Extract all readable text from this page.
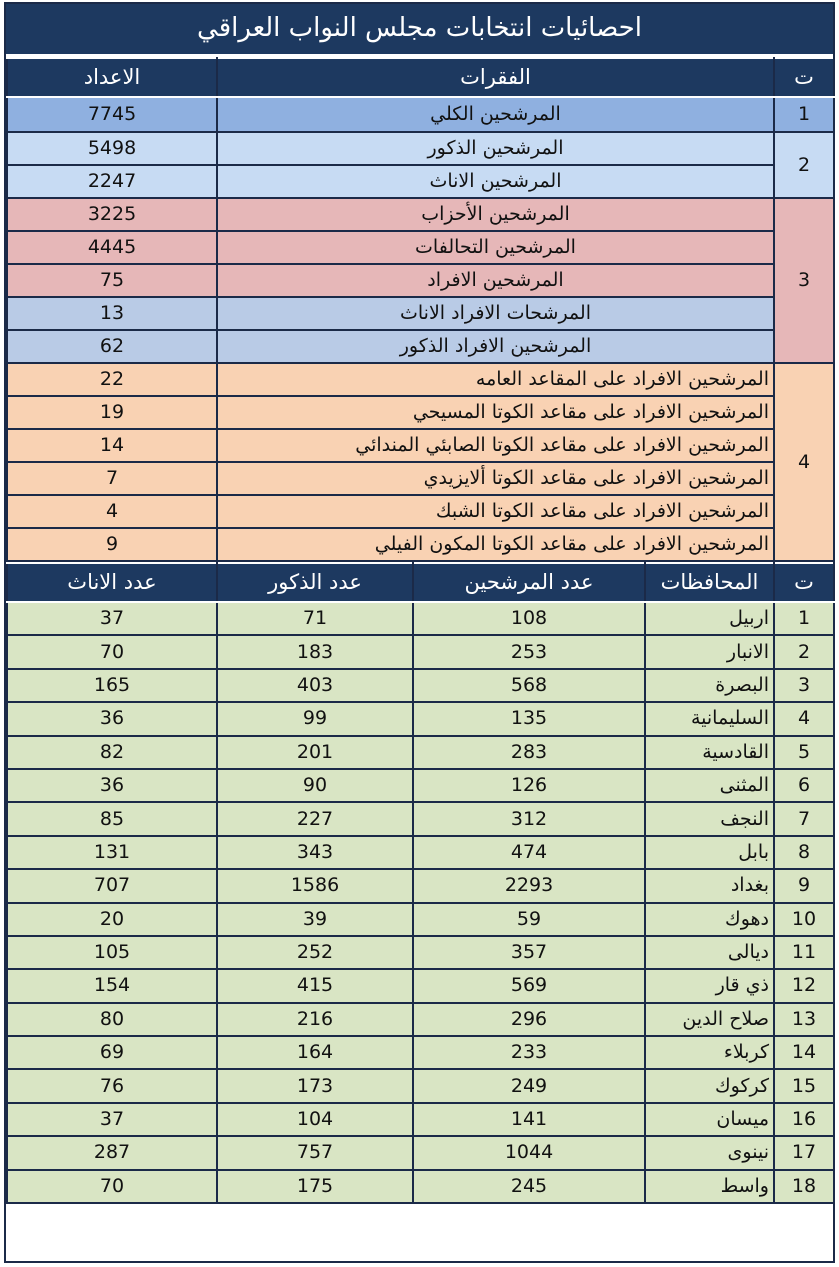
احصائيات انتخابات مجلس النواب العراقي
الاعداد	الفقرات	ت
7745	المرشحين الكلي	1
5498	المرشحين الذكور	2
2247	المرشحين الاناث	
3225	المرشحين الأحزاب	3
4445	المرشحين التحالفات	
75	المرشحين الافراد	
13	المرشحات الافراد الاناث	
62	المرشحين الافراد الذكور	
22	المرشحين الافراد على المقاعد العامه	4
19	المرشحين الافراد على مقاعد الكوتا المسيحي	
14	المرشحين الافراد على مقاعد الكوتا الصابئي المندائي	
7	المرشحين الافراد على مقاعد الكوتا ألايزيدي	
4	المرشحين الافراد على مقاعد الكوتا الشبك	
9	المرشحين الافراد على مقاعد الكوتا المكون الفيلي	
عدد الاناث	عدد الذكور	عدد المرشحين	المحافظات	ت
37	71	108	اربيل	1
70	183	253	الانبار	2
165	403	568	البصرة	3
36	99	135	السليمانية	4
82	201	283	القادسية	5
36	90	126	المثنى	6
85	227	312	النجف	7
131	343	474	بابل	8
707	1586	2293	بغداد	9
20	39	59	دهوك	10
105	252	357	ديالى	11
154	415	569	ذي قار	12
80	216	296	صلاح الدين	13
69	164	233	كربلاء	14
76	173	249	كركوك	15
37	104	141	ميسان	16
287	757	1044	نينوى	17
70	175	245	واسط	18
